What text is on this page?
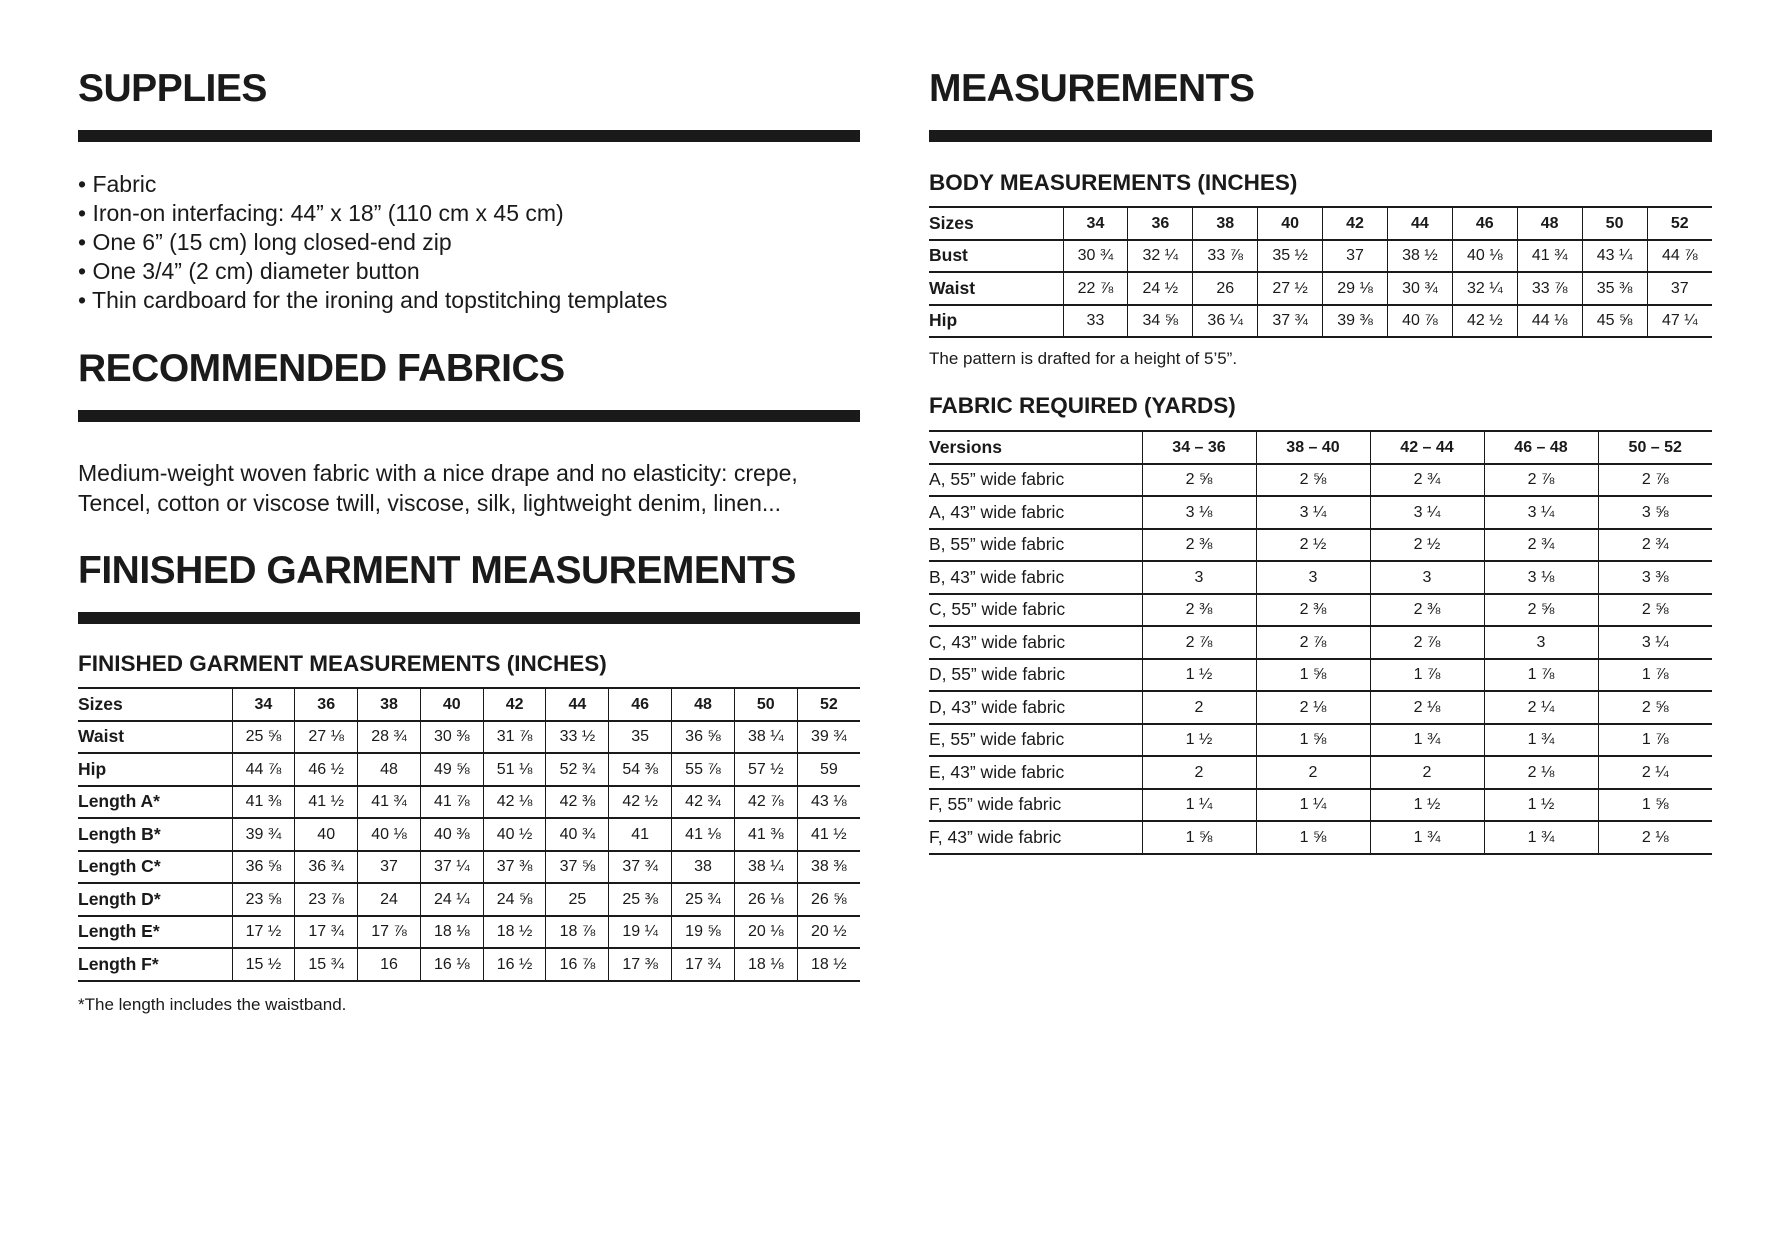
SUPPLIES
• Fabric
• Iron-on interfacing: 44” x 18” (110 cm x 45 cm)
• One 6” (15 cm) long closed-end zip
• One 3/4” (2 cm) diameter button
• Thin cardboard for the ironing and topstitching templates
RECOMMENDED FABRICS
Medium-weight woven fabric with a nice drape and no elasticity: crepe, Tencel, cotton or viscose twill, viscose, silk, lightweight denim, linen...
FINISHED GARMENT MEASUREMENTS
FINISHED GARMENT MEASUREMENTS (INCHES)
Sizes	34	36	38	40	42	44	46	48	50	52
Waist	25 ⅝	27 ⅛	28 ¾	30 ⅜	31 ⅞	33 ½	35	36 ⅝	38 ¼	39 ¾
Hip	44 ⅞	46 ½	48	49 ⅝	51 ⅛	52 ¾	54 ⅜	55 ⅞	57 ½	59
Length A*	41 ⅜	41 ½	41 ¾	41 ⅞	42 ⅛	42 ⅜	42 ½	42 ¾	42 ⅞	43 ⅛
Length B*	39 ¾	40	40 ⅛	40 ⅜	40 ½	40 ¾	41	41 ⅛	41 ⅜	41 ½
Length C*	36 ⅝	36 ¾	37	37 ¼	37 ⅜	37 ⅝	37 ¾	38	38 ¼	38 ⅜
Length D*	23 ⅝	23 ⅞	24	24 ¼	24 ⅝	25	25 ⅜	25 ¾	26 ⅛	26 ⅝
Length E*	17 ½	17 ¾	17 ⅞	18 ⅛	18 ½	18 ⅞	19 ¼	19 ⅝	20 ⅛	20 ½
Length F*	15 ½	15 ¾	16	16 ⅛	16 ½	16 ⅞	17 ⅜	17 ¾	18 ⅛	18 ½
*The length includes the waistband.
MEASUREMENTS
BODY MEASUREMENTS (INCHES)
Sizes	34	36	38	40	42	44	46	48	50	52
Bust	30 ¾	32 ¼	33 ⅞	35 ½	37	38 ½	40 ⅛	41 ¾	43 ¼	44 ⅞
Waist	22 ⅞	24 ½	26	27 ½	29 ⅛	30 ¾	32 ¼	33 ⅞	35 ⅜	37
Hip	33	34 ⅝	36 ¼	37 ¾	39 ⅜	40 ⅞	42 ½	44 ⅛	45 ⅝	47 ¼
The pattern is drafted for a height of 5’5”.
FABRIC REQUIRED (YARDS)
Versions	34 – 36	38 – 40	42 – 44	46 – 48	50 – 52
A, 55” wide fabric	2 ⅝	2 ⅝	2 ¾	2 ⅞	2 ⅞
A, 43” wide fabric	3 ⅛	3 ¼	3 ¼	3 ¼	3 ⅝
B, 55” wide fabric	2 ⅜	2 ½	2 ½	2 ¾	2 ¾
B, 43” wide fabric	3	3	3	3 ⅛	3 ⅜
C, 55” wide fabric	2 ⅜	2 ⅜	2 ⅜	2 ⅝	2 ⅝
C, 43” wide fabric	2 ⅞	2 ⅞	2 ⅞	3	3 ¼
D, 55” wide fabric	1 ½	1 ⅝	1 ⅞	1 ⅞	1 ⅞
D, 43” wide fabric	2	2 ⅛	2 ⅛	2 ¼	2 ⅝
E, 55” wide fabric	1 ½	1 ⅝	1 ¾	1 ¾	1 ⅞
E, 43” wide fabric	2	2	2	2 ⅛	2 ¼
F, 55” wide fabric	1 ¼	1 ¼	1 ½	1 ½	1 ⅝
F, 43” wide fabric	1 ⅝	1 ⅝	1 ¾	1 ¾	2 ⅛
